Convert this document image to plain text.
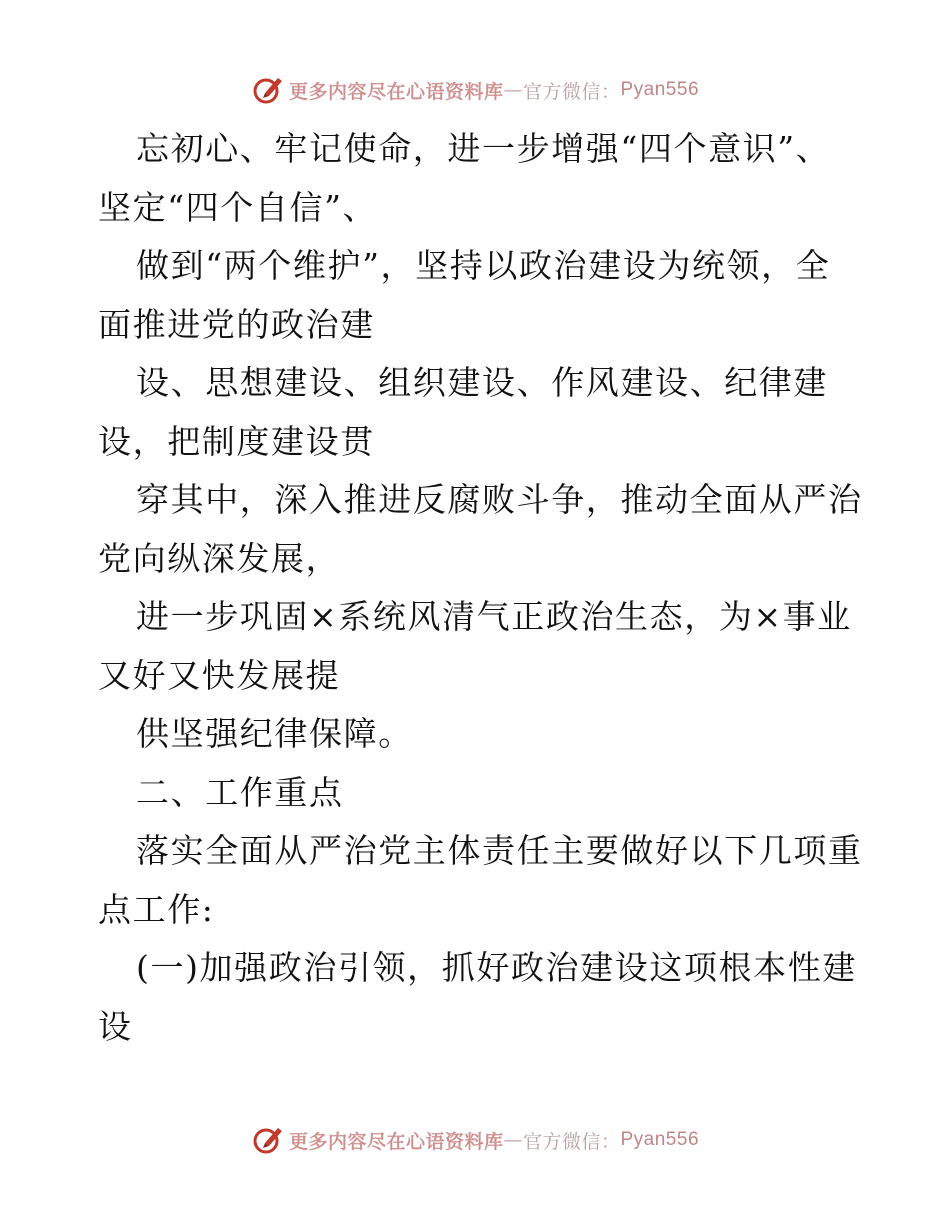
更多内容尽在心语资料库 — 官方微信： Pyan556
忘初心、牢记使命，进一步增强“四个意识”、
坚定“四个自信”、
做到“两个维护”，坚持以政治建设为统领，全
面推进党的政治建
设、思想建设、组织建设、作风建设、纪律建
设，把制度建设贯
穿其中，深入推进反腐败斗争，推动全面从严治
党向纵深发展，
进一步巩固×系统风清气正政治生态，为×事业
又好又快发展提
供坚强纪律保障。
二、工作重点
落实全面从严治党主体责任主要做好以下几项重
点工作:
(一)加强政治引领，抓好政治建设这项根本性建
设
更多内容尽在心语资料库 — 官方微信： Pyan556
